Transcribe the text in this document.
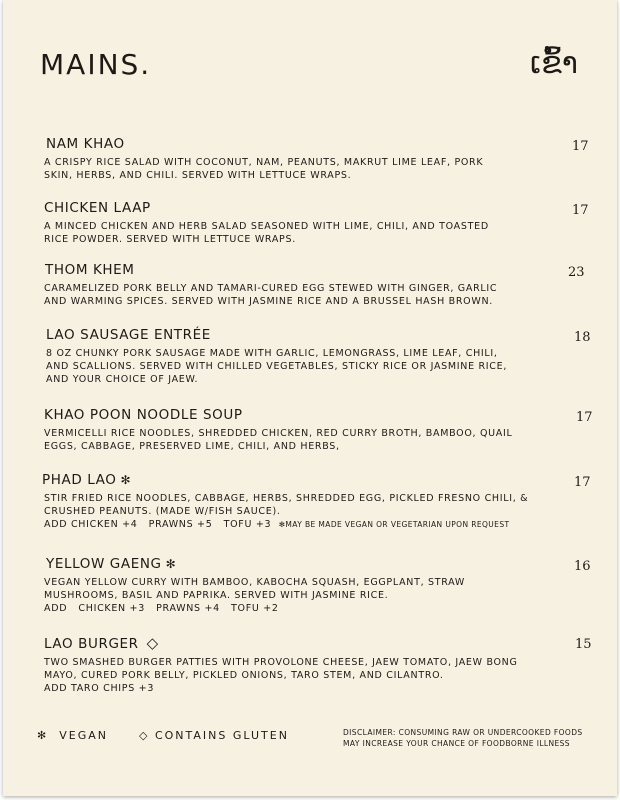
MAINS.	ເຂົ້າ
NAM KHAO	17
A CRISPY RICE SALAD WITH COCONUT, NAM, PEANUTS, MAKRUT LIME LEAF, PORK
SKIN, HERBS, AND CHILI. SERVED WITH LETTUCE WRAPS.
CHICKEN LAAP	17
A MINCED CHICKEN AND HERB SALAD SEASONED WITH LIME, CHILI, AND TOASTED
RICE POWDER. SERVED WITH LETTUCE WRAPS.
THOM KHEM	23
CARAMELIZED PORK BELLY AND TAMARI-CURED EGG STEWED WITH GINGER, GARLIC
AND WARMING SPICES. SERVED WITH JASMINE RICE AND A BRUSSEL HASH BROWN.
LAO SAUSAGE ENTRÉE	18
8 OZ CHUNKY PORK SAUSAGE MADE WITH GARLIC, LEMONGRASS, LIME LEAF, CHILI,
AND SCALLIONS. SERVED WITH CHILLED VEGETABLES, STICKY RICE OR JASMINE RICE,
AND YOUR CHOICE OF JAEW.
KHAO POON NOODLE SOUP	17
VERMICELLI RICE NOODLES, SHREDDED CHICKEN, RED CURRY BROTH, BAMBOO, QUAIL
EGGS, CABBAGE, PRESERVED LIME, CHILI, AND HERBS,
PHAD LAO ✻	17
STIR FRIED RICE NOODLES, CABBAGE, HERBS, SHREDDED EGG, PICKLED FRESNO CHILI, &
CRUSHED PEANUTS. (MADE W/FISH SAUCE).
ADD CHICKEN +4   PRAWNS +5   TOFU +3  ✻MAY BE MADE VEGAN OR VEGETARIAN UPON REQUEST
YELLOW GAENG ✻	16
VEGAN YELLOW CURRY WITH BAMBOO, KABOCHA SQUASH, EGGPLANT, STRAW
MUSHROOMS, BASIL AND PAPRIKA. SERVED WITH JASMINE RICE.
ADD   CHICKEN +3   PRAWNS +4   TOFU +2
LAO BURGER ◇	15
TWO SMASHED BURGER PATTIES WITH PROVOLONE CHEESE, JAEW TOMATO, JAEW BONG
MAYO, CURED PORK BELLY, PICKLED ONIONS, TARO STEM, AND CILANTRO.
ADD TARO CHIPS +3
✻ VEGAN	◇ CONTAINS GLUTEN	DISCLAIMER: CONSUMING RAW OR UNDERCOOKED FOODS
MAY INCREASE YOUR CHANCE OF FOODBORNE ILLNESS
